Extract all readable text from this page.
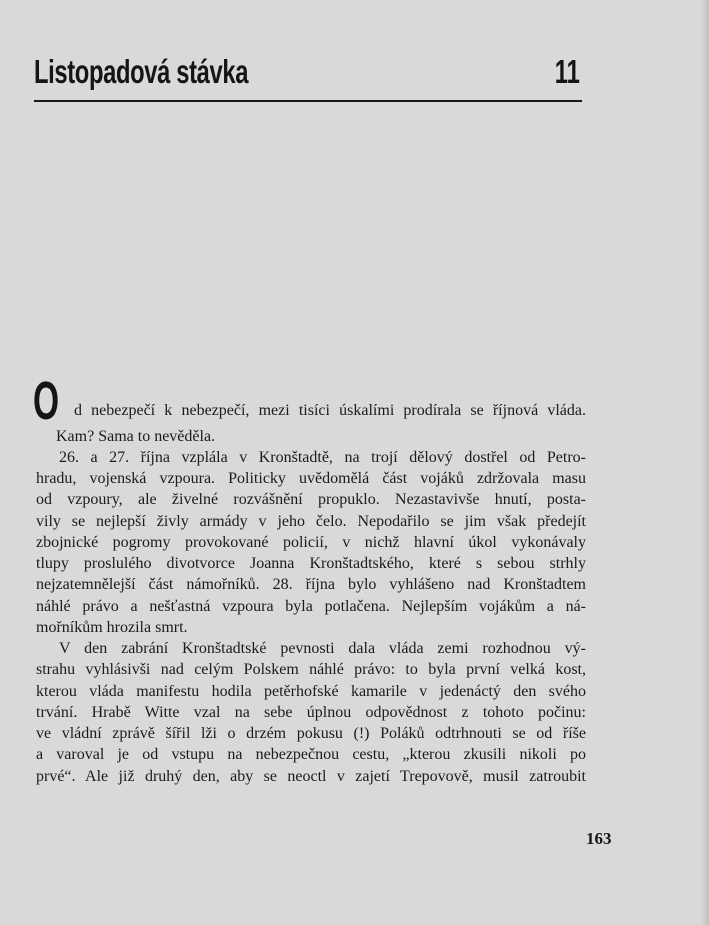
Listopadová stávka	11
O d nebezpečí k nebezpečí, mezi tisíci úskalími prodírala se říjnová vláda.
Kam? Sama to nevěděla.
26. a 27. října vzplála v Kronštadtě, na trojí dělový dostřel od Petro-
hradu, vojenská vzpoura. Politicky uvědomělá část vojáků zdržovala masu
od vzpoury, ale živelné rozvášnění propuklo. Nezastavivše hnutí, posta-
vily se nejlepší živly armády v jeho čelo. Nepodařilo se jim však předejít
zbojnické pogromy provokované policií, v nichž hlavní úkol vykonávaly
tlupy proslulého divotvorce Joanna Kronštadtského, které s sebou strhly
nejzatemnělejší část námořníků. 28. října bylo vyhlášeno nad Kronštadtem
náhlé právo a nešťastná vzpoura byla potlačena. Nejlepším vojákům a ná-
mořníkům hrozila smrt.
V den zabrání Kronštadtské pevnosti dala vláda zemi rozhodnou vý-
strahu vyhlásivši nad celým Polskem náhlé právo: to byla první velká kost,
kterou vláda manifestu hodila petěrhofské kamarile v jedenáctý den svého
trvání. Hrabě Witte vzal na sebe úplnou odpovědnost z tohoto počinu:
ve vládní zprávě šířil lži o drzém pokusu (!) Poláků odtrhnouti se od říše
a varoval je od vstupu na nebezpečnou cestu, „kterou zkusili nikoli po
prvé“. Ale již druhý den, aby se neoctl v zajetí Trepovově, musil zatroubit
163
